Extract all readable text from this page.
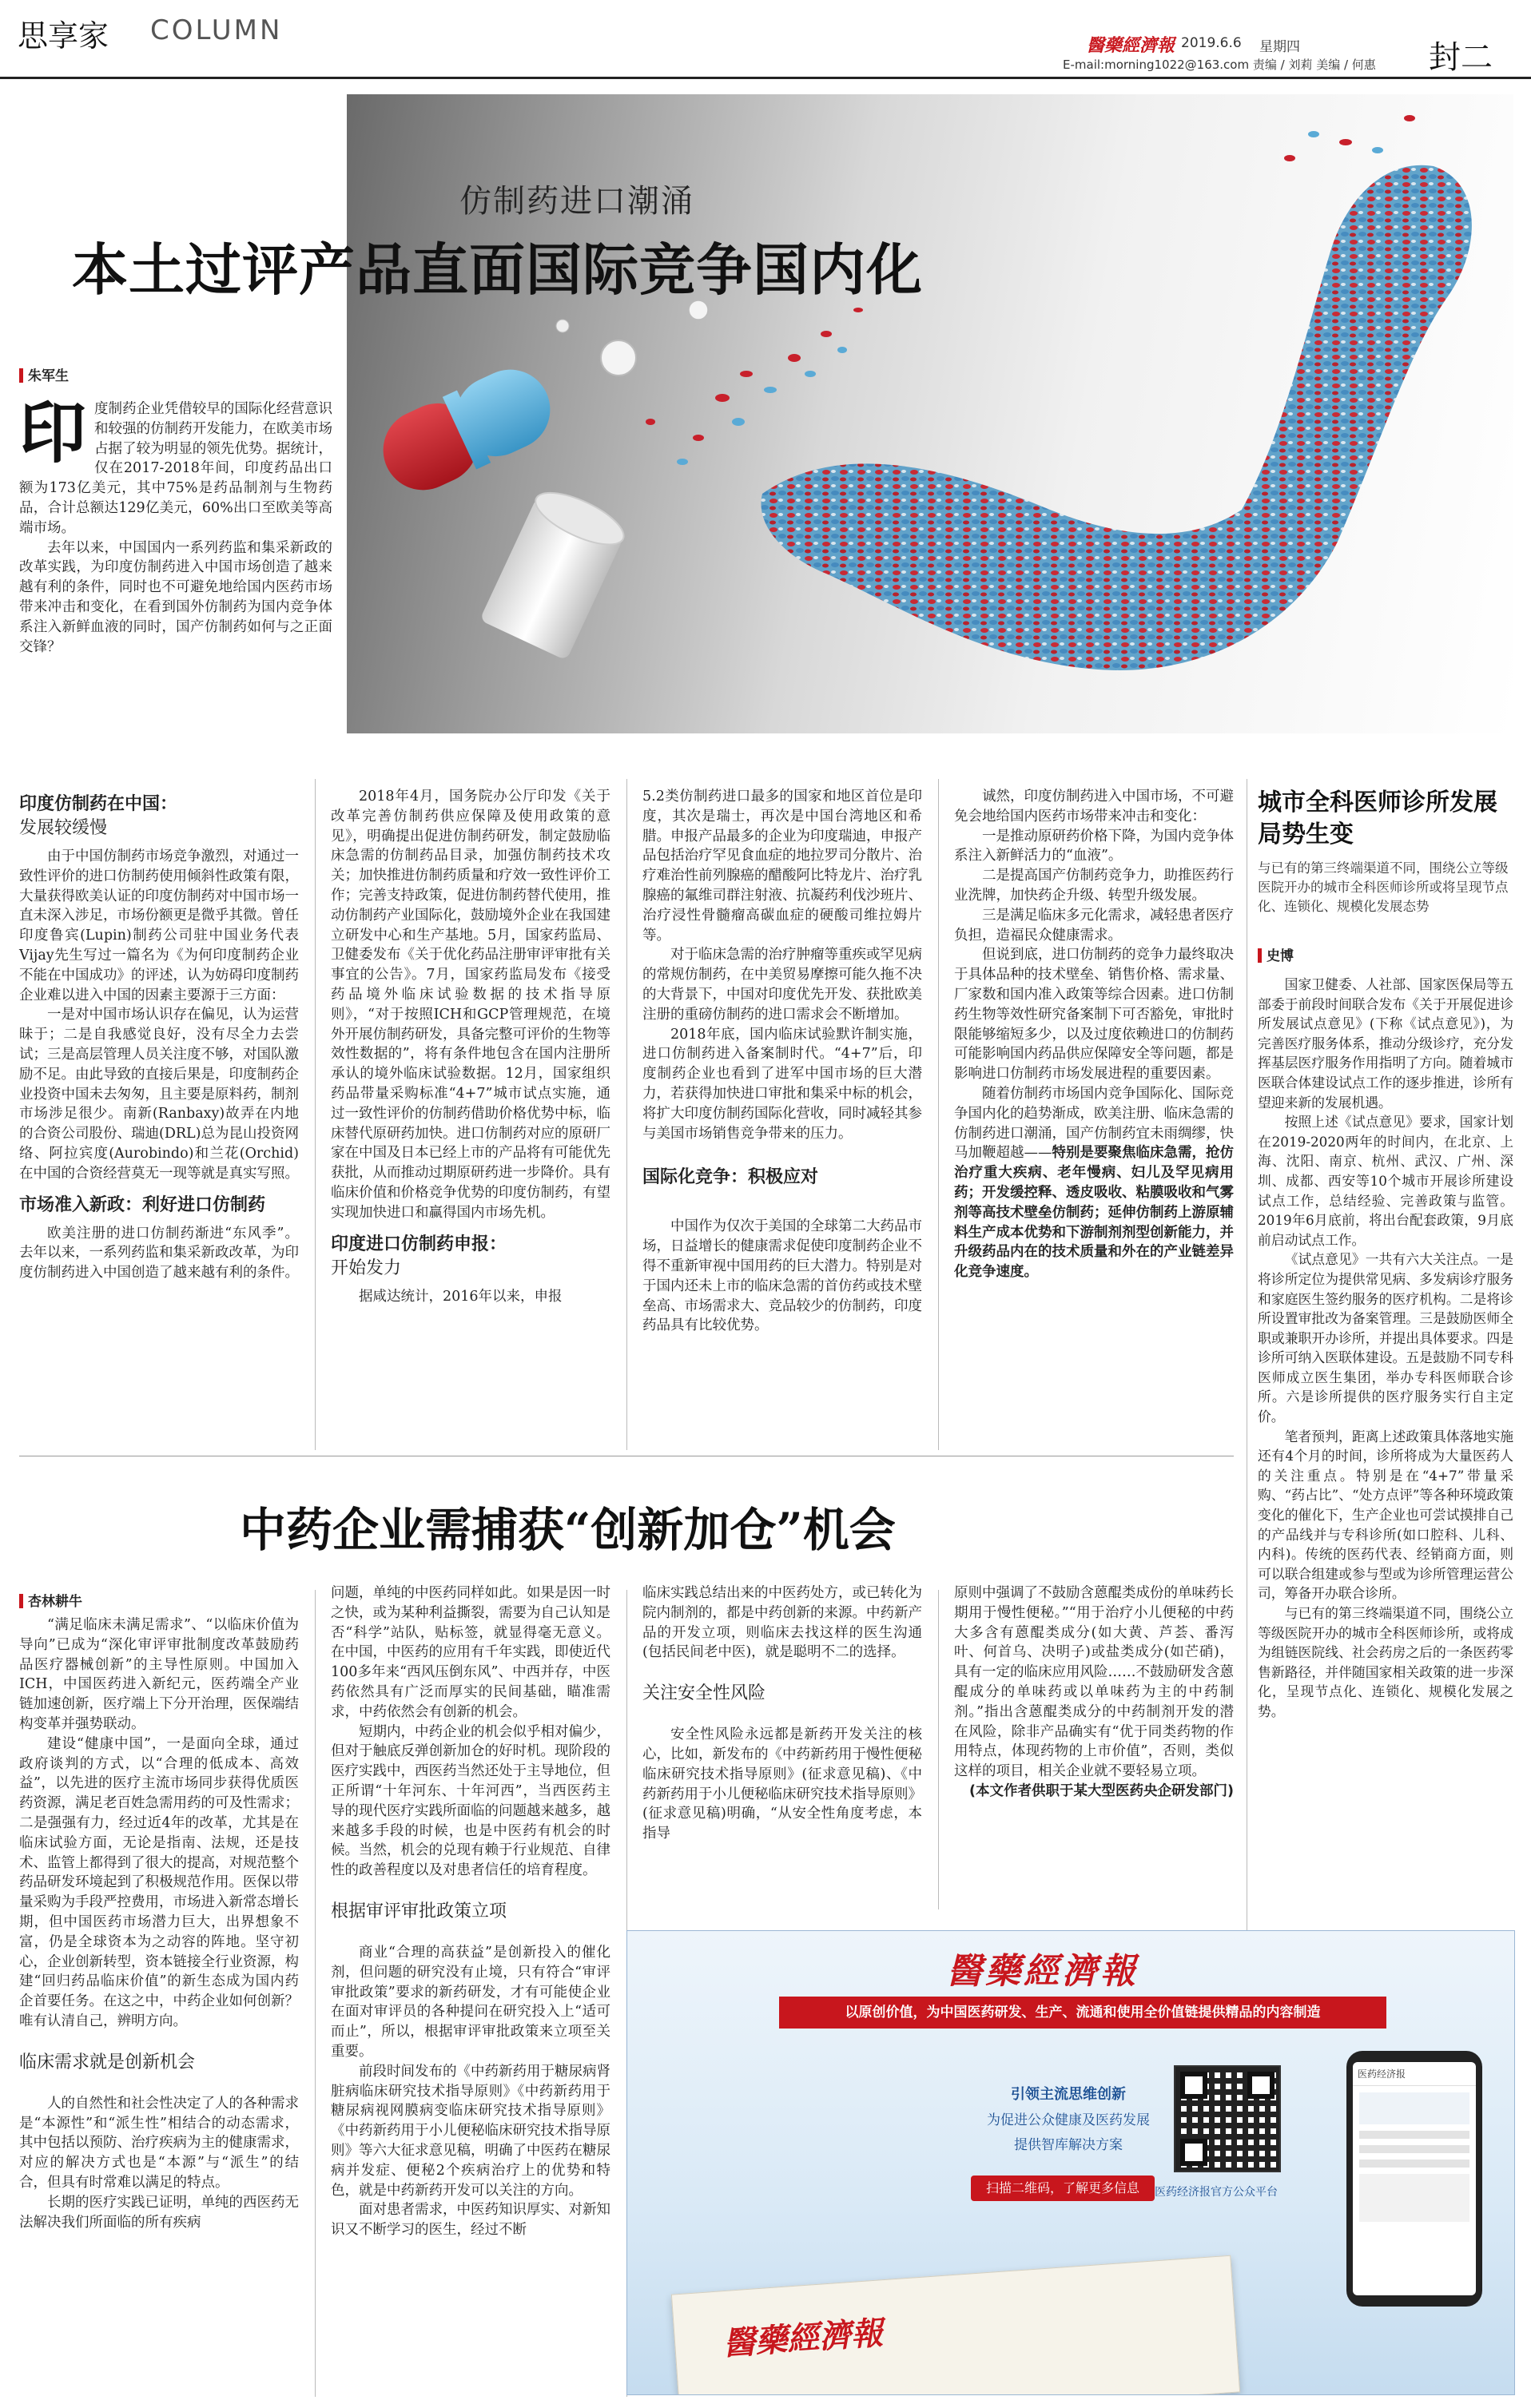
思享家 COLUMN	醫藥經濟報 2019.6.6 星期四
E-mail:morning1022@163.com 责编 / 刘莉 美编 / 何惠 封二
仿制药进口潮涌
本土过评产品直面国际竞争国内化
朱军生
印 度制药企业凭借较早的国际化经营意识和较强的仿制药开发能力，在欧美市场占据了较为明显的领先优势。据统计，仅在2017-2018年间，印度药品出口额为173亿美元，其中75%是药品制剂与生物药品，合计总额达129亿美元，60%出口至欧美等高端市场。

去年以来，中国国内一系列药监和集采新政的改革实践，为印度仿制药进入中国市场创造了越来越有利的条件，同时也不可避免地给国内医药市场带来冲击和变化，在看到国外仿制药为国内竞争体系注入新鲜血液的同时，国产仿制药如何与之正面交锋？

印度仿制药在中国：
发展较缓慢

由于中国仿制药市场竞争激烈，对通过一致性评价的进口仿制药使用倾斜性政策有限，大量获得欧美认证的印度仿制药对中国市场一直未深入涉足，市场份额更是微乎其微。曾任印度鲁宾(Lupin)制药公司驻中国业务代表Vijay先生写过一篇名为《为何印度制药企业不能在中国成功》的评述，认为妨碍印度制药企业难以进入中国的因素主要源于三方面：

一是对中国市场认识存在偏见，认为运营昧于；二是自我感觉良好，没有尽全力去尝试；三是高层管理人员关注度不够，对国队激励不足。由此导致的直接后果是，印度制药企业投资中国未去匆匆，且主要是原料药，制剂市场涉足很少。南新(Ranbaxy)故弄在内地的合资公司股份、瑞迪(DRL)总为昆山投资网络、阿拉宾度(Aurobindo)和兰花(Orchid)在中国的合资经营莫无一现等就是真实写照。

市场准入新政：利好进口仿制药

欧美注册的进口仿制药渐进“东风季”。去年以来，一系列药监和集采新政改革，为印度仿制药进入中国创造了越来越有利的条件。

2018年4月，国务院办公厅印发《关于改革完善仿制药供应保障及使用政策的意见》，明确提出促进仿制药研发，制定鼓励临床急需的仿制药品目录，加强仿制药技术攻关；加快推进仿制药质量和疗效一致性评价工作；完善支持政策，促进仿制药替代使用，推动仿制药产业国际化，鼓励境外企业在我国建立研发中心和生产基地。5月，国家药监局、卫健委发布《关于优化药品注册审评审批有关事宜的公告》。7月，国家药监局发布《接受药品境外临床试验数据的技术指导原则》，“对于按照ICH和GCP管理规范，在境外开展仿制药研发，具备完整可评价的生物等效性数据的”，将有条件地包含在国内注册所承认的境外临床试验数据。12月，国家组织药品带量采购标准“4+7”城市试点实施，通过一致性评价的仿制药借助价格优势中标，临床替代原研药加快。进口仿制药对应的原研厂家在中国及日本已经上市的产品将有可能优先获批，从而推动过期原研药进一步降价。具有临床价值和价格竞争优势的印度仿制药，有望实现加快进口和赢得国内市场先机。

印度进口仿制药申报：
开始发力

据咸达统计，2016年以来，申报

5.2类仿制药进口最多的国家和地区首位是印度，其次是瑞士，再次是中国台湾地区和希腊。申报产品最多的企业为印度瑞迪，申报产品包括治疗罕见食血症的地拉罗司分散片、治疗难治性前列腺癌的醋酸阿比特龙片、治疗乳腺癌的氟维司群注射液、抗凝药利伐沙班片、治疗浸性骨髓瘤高碳血症的硬酸司维拉姆片等。

对于临床急需的治疗肿瘤等重疾或罕见病的常规仿制药，在中美贸易摩擦可能久拖不决的大背景下，中国对印度优先开发、获批欧美注册的重磅仿制药的进口需求会不断增加。

2018年底，国内临床试验默许制实施，进口仿制药进入备案制时代。“4+7”后，印度制药企业也看到了进军中国市场的巨大潜力，若获得加快进口审批和集采中标的机会，将扩大印度仿制药国际化营收，同时减轻其参与美国市场销售竞争带来的压力。

国际化竞争：积极应对

中国作为仅次于美国的全球第二大药品市场，日益增长的健康需求促使印度制药企业不得不重新审视中国用药的巨大潜力。特别是对于国内还未上市的临床急需的首仿药或技术壁垒高、市场需求大、竞品较少的仿制药，印度药品具有比较优势。

诚然，印度仿制药进入中国市场，不可避免会地给国内医药市场带来冲击和变化：

一是推动原研药价格下降，为国内竞争体系注入新鲜活力的“血液”。

二是提高国产仿制药竞争力，助推医药行业洗牌，加快药企升级、转型升级发展。

三是满足临床多元化需求，减轻患者医疗负担，造福民众健康需求。

但说到底，进口仿制药的竞争力最终取决于具体品种的技术壁垒、销售价格、需求量、厂家数和国内准入政策等综合因素。进口仿制药生物等效性研究备案制下可否豁免，审批时限能够缩短多少，以及过度依赖进口的仿制药可能影响国内药品供应保障安全等问题，都是影响进口仿制药市场发展进程的重要因素。

随着仿制药市场国内竞争国际化、国际竞争国内化的趋势渐成，欧美注册、临床急需的仿制药进口潮涌，国产仿制药宜未雨绸缪，快马加鞭超越——特别是要聚焦临床急需，抢仿治疗重大疾病、老年慢病、妇儿及罕见病用药；开发缓控释、透皮吸收、粘膜吸收和气雾剂等高技术壁垒仿制药；延伸仿制药上游原辅料生产成本优势和下游制剂剂型创新能力，并升级药品内在的技术质量和外在的产业链差异化竞争速度。

城市全科医师诊所发展局势生变
与已有的第三终端渠道不同，围绕公立等级医院开办的城市全科医师诊所或将呈现节点化、连锁化、规模化发展态势
史博

国家卫健委、人社部、国家医保局等五部委于前段时间联合发布《关于开展促进诊所发展试点意见》(下称《试点意见》)，为完善医疗服务体系，推动分级诊疗，充分发挥基层医疗服务作用指明了方向。随着城市医联合体建设试点工作的逐步推进，诊所有望迎来新的发展机遇。

按照上述《试点意见》要求，国家计划在2019-2020两年的时间内，在北京、上海、沈阳、南京、杭州、武汉、广州、深圳、成都、西安等10个城市开展诊所建设试点工作，总结经验、完善政策与监管。2019年6月底前，将出台配套政策，9月底前启动试点工作。

《试点意见》一共有六大关注点。一是将诊所定位为提供常见病、多发病诊疗服务和家庭医生签约服务的医疗机构。二是将诊所设置审批改为备案管理。三是鼓励医师全职或兼职开办诊所，并提出具体要求。四是诊所可纳入医联体建设。五是鼓励不同专科医师成立医生集团，举办专科医师联合诊所。六是诊所提供的医疗服务实行自主定价。

笔者预判，距离上述政策具体落地实施还有4个月的时间，诊所将成为大量医药人的关注重点。特别是在“4+7”带量采购、“药占比”、“处方点评”等各种环境政策变化的催化下，生产企业也可尝试摸排自己的产品线并与专科诊所(如口腔科、儿科、内科)。传统的医药代表、经销商方面，则可以联合组建或参与型或为诊所管理运营公司，筹备开办联合诊所。

与已有的第三终端渠道不同，围绕公立等级医院开办的城市全科医师诊所，或将成为组链医院线、社会药房之后的一条医药零售新路径，并伴随国家相关政策的进一步深化，呈现节点化、连锁化、规模化发展之势。

中药企业需捕获“创新加仓”机会
杏林耕牛

“满足临床未满足需求”、“以临床价值为导向”已成为“深化审评审批制度改革鼓励药品医疗器械创新”的主导性原则。中国加入ICH，中国医药进入新纪元，医药端全产业链加速创新，医疗端上下分开治理，医保端结构变革并强势联动。

建设“健康中国”，一是面向全球，通过政府谈判的方式，以“合理的低成本、高效益”，以先进的医疗主流市场同步获得优质医药资源，满足老百姓急需用药的可及性需求；二是强强有力，经过近4年的改革，尤其是在临床试验方面，无论是指南、法规，还是技术、监管上都得到了很大的提高，对规范整个药品研发环境起到了积极规范作用。医保以带量采购为手段严控费用，市场进入新常态增长期，但中国医药市场潜力巨大，出界想象不富，仍是全球资本为之动容的阵地。坚守初心，企业创新转型，资本链接全行业资源，构建“回归药品临床价值”的新生态成为国内药企首要任务。在这之中，中药企业如何创新？唯有认清自己，辨明方向。

临床需求就是创新机会

人的自然性和社会性决定了人的各种需求是“本源性”和“派生性”相结合的动态需求，其中包括以预防、治疗疾病为主的健康需求，对应的解决方式也是“本源”与“派生”的结合，但具有时常难以满足的特点。

长期的医疗实践已证明，单纯的西医药无法解决我们所面临的所有疾病

问题，单纯的中医药同样如此。如果是因一时之快，或为某种利益撕裂，需要为自己认知是否“科学”站队，贴标签，就显得毫无意义。在中国，中医药的应用有千年实践，即使近代100多年来“西风压倒东风”、中西并存，中医药依然具有广泛而厚实的民间基础，瞄准需求，中药依然会有创新的机会。

短期内，中药企业的机会似乎相对偏少，但对于触底反弹创新加仓的好时机。现阶段的医疗实践中，西医药当然还处于主导地位，但正所谓“十年河东、十年河西”，当西医药主导的现代医疗实践所面临的问题越来越多，越来越多手段的时候，也是中医药有机会的时候。当然，机会的兑现有赖于行业规范、自律性的政善程度以及对患者信任的培育程度。

根据审评审批政策立项

商业“合理的高获益”是创新投入的催化剂，但问题的研究没有止境，只有符合“审评审批政策”要求的新药研发，才有可能使企业在面对审评员的各种提问在研究投入上“适可而止”，所以，根据审评审批政策来立项至关重要。

前段时间发布的《中药新药用于糖尿病肾脏病临床研究技术指导原则》《中药新药用于糖尿病视网膜病变临床研究技术指导原则》《中药新药用于小儿便秘临床研究技术指导原则》等六大征求意见稿，明确了中医药在糖尿病并发症、便秘2个疾病治疗上的优势和特色，就是中药新药开发可以关注的方向。

面对患者需求，中医药知识厚实、对新知识又不断学习的医生，经过不断

临床实践总结出来的中医药处方，或已转化为院内制剂的，都是中药创新的来源。中药新产品的开发立项，则临床去找这样的医生沟通(包括民间老中医)，就是聪明不二的选择。

关注安全性风险

安全性风险永远都是新药开发关注的核心，比如，新发布的《中药新药用于慢性便秘临床研究技术指导原则》(征求意见稿)、《中药新药用于小儿便秘临床研究技术指导原则》(征求意见稿)明确，“从安全性角度考虑，本指导

原则中强调了不鼓励含蒽醌类成份的单味药长期用于慢性便秘。”“用于治疗小儿便秘的中药大多含有蒽醌类成分(如大黄、芦荟、番泻叶、何首乌、决明子)或盐类成分(如芒硝)，具有一定的临床应用风险……不鼓励研发含蒽醌成分的单味药或以单味药为主的中药制剂。”指出含蒽醌类成分的中药制剂开发的潜在风险，除非产品确实有“优于同类药物的作用特点，体现药物的上市价值”，否则，类似这样的项目，相关企业就不要轻易立项。

(本文作者供职于某大型医药央企研发部门)

醫藥經濟報
以原创价值，为中国医药研发、生产、流通和使用全价值链提供精品的内容制造
引领主流思维创新
为促进公众健康及医药发展
提供智库解决方案
扫描二维码，了解更多信息	医药经济报官方公众平台
医药经济报
醫藥經濟報
